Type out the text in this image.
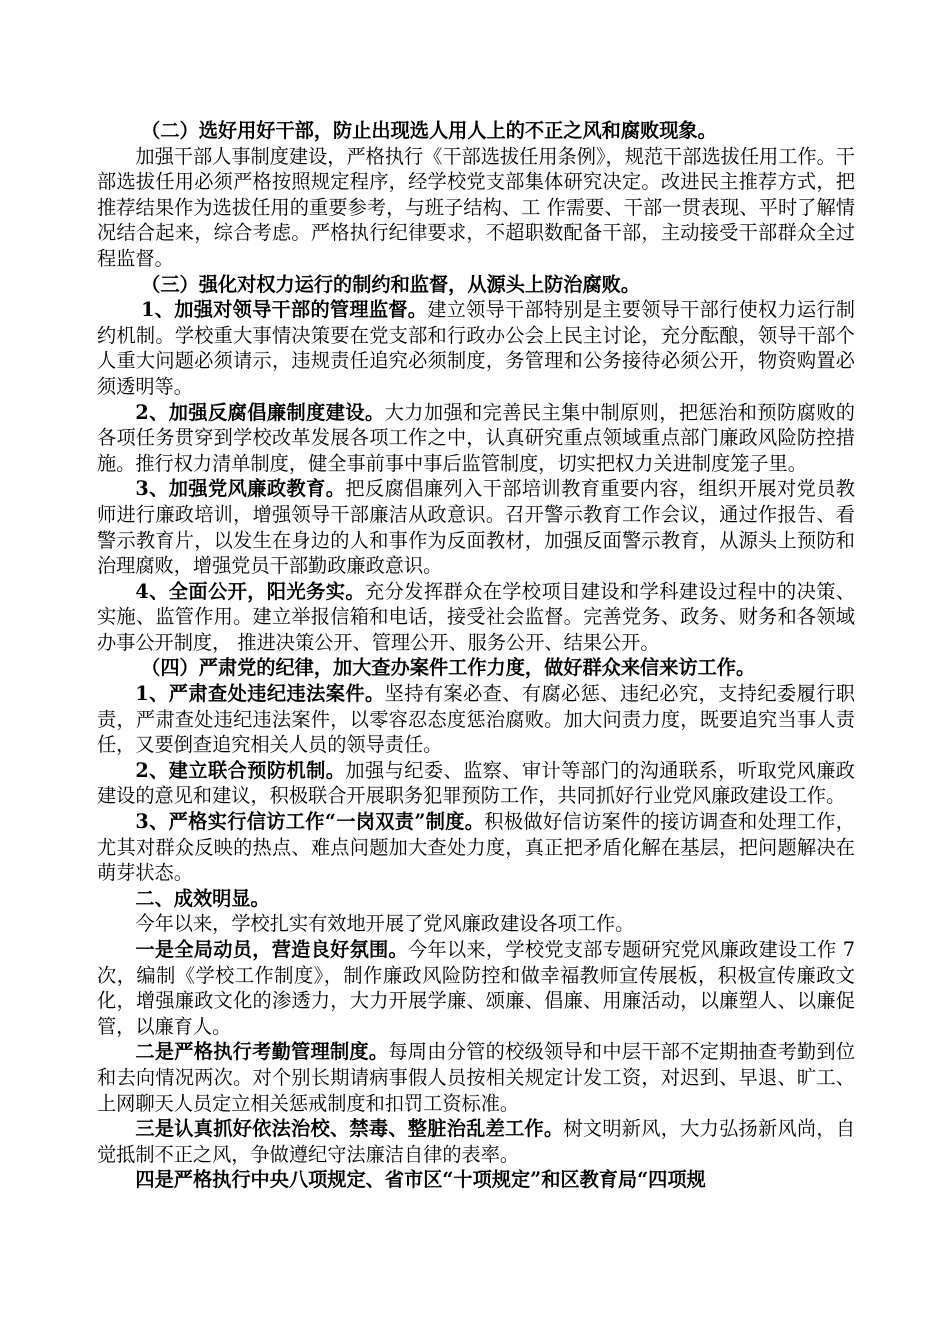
（二）选好用好干部，防止出现选人用人上的不正之风和腐败现象。

加强干部人事制度建设，严格执行《干部选拔任用条例》，规范干部选拔任用工作。干部选拔任用必须严格按照规定程序，经学校党支部集体研究决定。改进民主推荐方式，把推荐结果作为选拔任用的重要参考，与班子结构、工 作需要、干部一贯表现、平时了解情况结合起来，综合考虑。严格执行纪律要求，不超职数配备干部，主动接受干部群众全过程监督。

（三）强化对权力运行的制约和监督，从源头上防治腐败。

1、加强对领导干部的管理监督。建立领导干部特别是主要领导干部行使权力运行制约机制。学校重大事情决策要在党支部和行政办公会上民主讨论，充分酝酿，领导干部个人重大问题必须请示，违规责任追究必须制度，务管理和公务接待必须公开，物资购置必须透明等。

2、加强反腐倡廉制度建设。大力加强和完善民主集中制原则，把惩治和预防腐败的各项任务贯穿到学校改革发展各项工作之中，认真研究重点领域重点部门廉政风险防控措施。推行权力清单制度，健全事前事中事后监管制度，切实把权力关进制度笼子里。

3、加强党风廉政教育。把反腐倡廉列入干部培训教育重要内容，组织开展对党员教师进行廉政培训，增强领导干部廉洁从政意识。召开警示教育工作会议，通过作报告、看警示教育片，以发生在身边的人和事作为反面教材，加强反面警示教育，从源头上预防和治理腐败，增强党员干部勤政廉政意识。

4、全面公开，阳光务实。充分发挥群众在学校项目建设和学科建设过程中的决策、实施、监管作用。建立举报信箱和电话，接受社会监督。完善党务、政务、财务和各领域办事公开制度， 推进决策公开、管理公开、服务公开、结果公开。

（四）严肃党的纪律，加大查办案件工作力度，做好群众来信来访工作。

1、严肃查处违纪违法案件。坚持有案必查、有腐必惩、违纪必究，支持纪委履行职责，严肃查处违纪违法案件，以零容忍态度惩治腐败。加大问责力度，既要追究当事人责任，又要倒查追究相关人员的领导责任。

2、建立联合预防机制。加强与纪委、监察、审计等部门的沟通联系，听取党风廉政建设的意见和建议，积极联合开展职务犯罪预防工作，共同抓好行业党风廉政建设工作。

3、严格实行信访工作“一岗双责”制度。积极做好信访案件的接访调查和处理工作，尤其对群众反映的热点、难点问题加大查处力度，真正把矛盾化解在基层，把问题解决在萌芽状态。

二、成效明显。

今年以来，学校扎实有效地开展了党风廉政建设各项工作。

一是全局动员，营造良好氛围。今年以来，学校党支部专题研究党风廉政建设工作 7 次，编制《学校工作制度》，制作廉政风险防控和做幸福教师宣传展板，积极宣传廉政文化，增强廉政文化的渗透力，大力开展学廉、颂廉、倡廉、用廉活动，以廉塑人、以廉促管，以廉育人。

二是严格执行考勤管理制度。每周由分管的校级领导和中层干部不定期抽查考勤到位和去向情况两次。对个别长期请病事假人员按相关规定计发工资，对迟到、早退、旷工、上网聊天人员定立相关惩戒制度和扣罚工资标准。

三是认真抓好依法治校、禁毒、整脏治乱差工作。树文明新风，大力弘扬新风尚，自觉抵制不正之风，争做遵纪守法廉洁自律的表率。

四是严格执行中央八项规定、省市区“十项规定”和区教育局“四项规
